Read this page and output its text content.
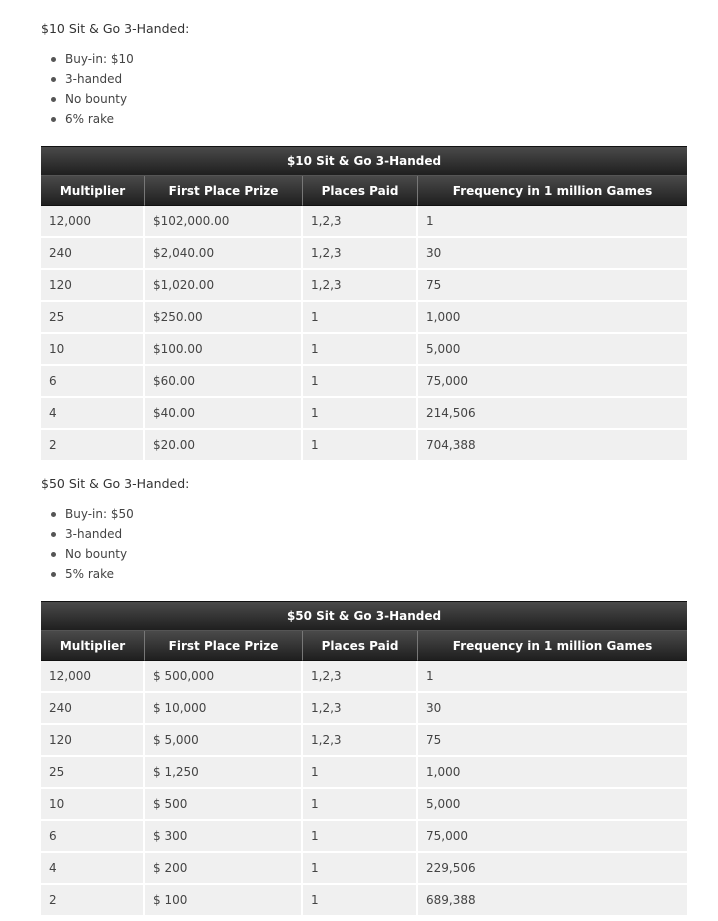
$10 Sit & Go 3-Handed:
Buy-in: $10
3-handed
No bounty
6% rake
$10 Sit & Go 3-Handed			
Multiplier	First Place Prize	Places Paid	Frequency in 1 million Games
12,000	$102,000.00	1,2,3	1
240	$2,040.00	1,2,3	30
120	$1,020.00	1,2,3	75
25	$250.00	1	1,000
10	$100.00	1	5,000
6	$60.00	1	75,000
4	$40.00	1	214,506
2	$20.00	1	704,388
$50 Sit & Go 3-Handed:
Buy-in: $50
3-handed
No bounty
5% rake
$50 Sit & Go 3-Handed			
Multiplier	First Place Prize	Places Paid	Frequency in 1 million Games
12,000	$ 500,000	1,2,3	1
240	$ 10,000	1,2,3	30
120	$ 5,000	1,2,3	75
25	$ 1,250	1	1,000
10	$ 500	1	5,000
6	$ 300	1	75,000
4	$ 200	1	229,506
2	$ 100	1	689,388
